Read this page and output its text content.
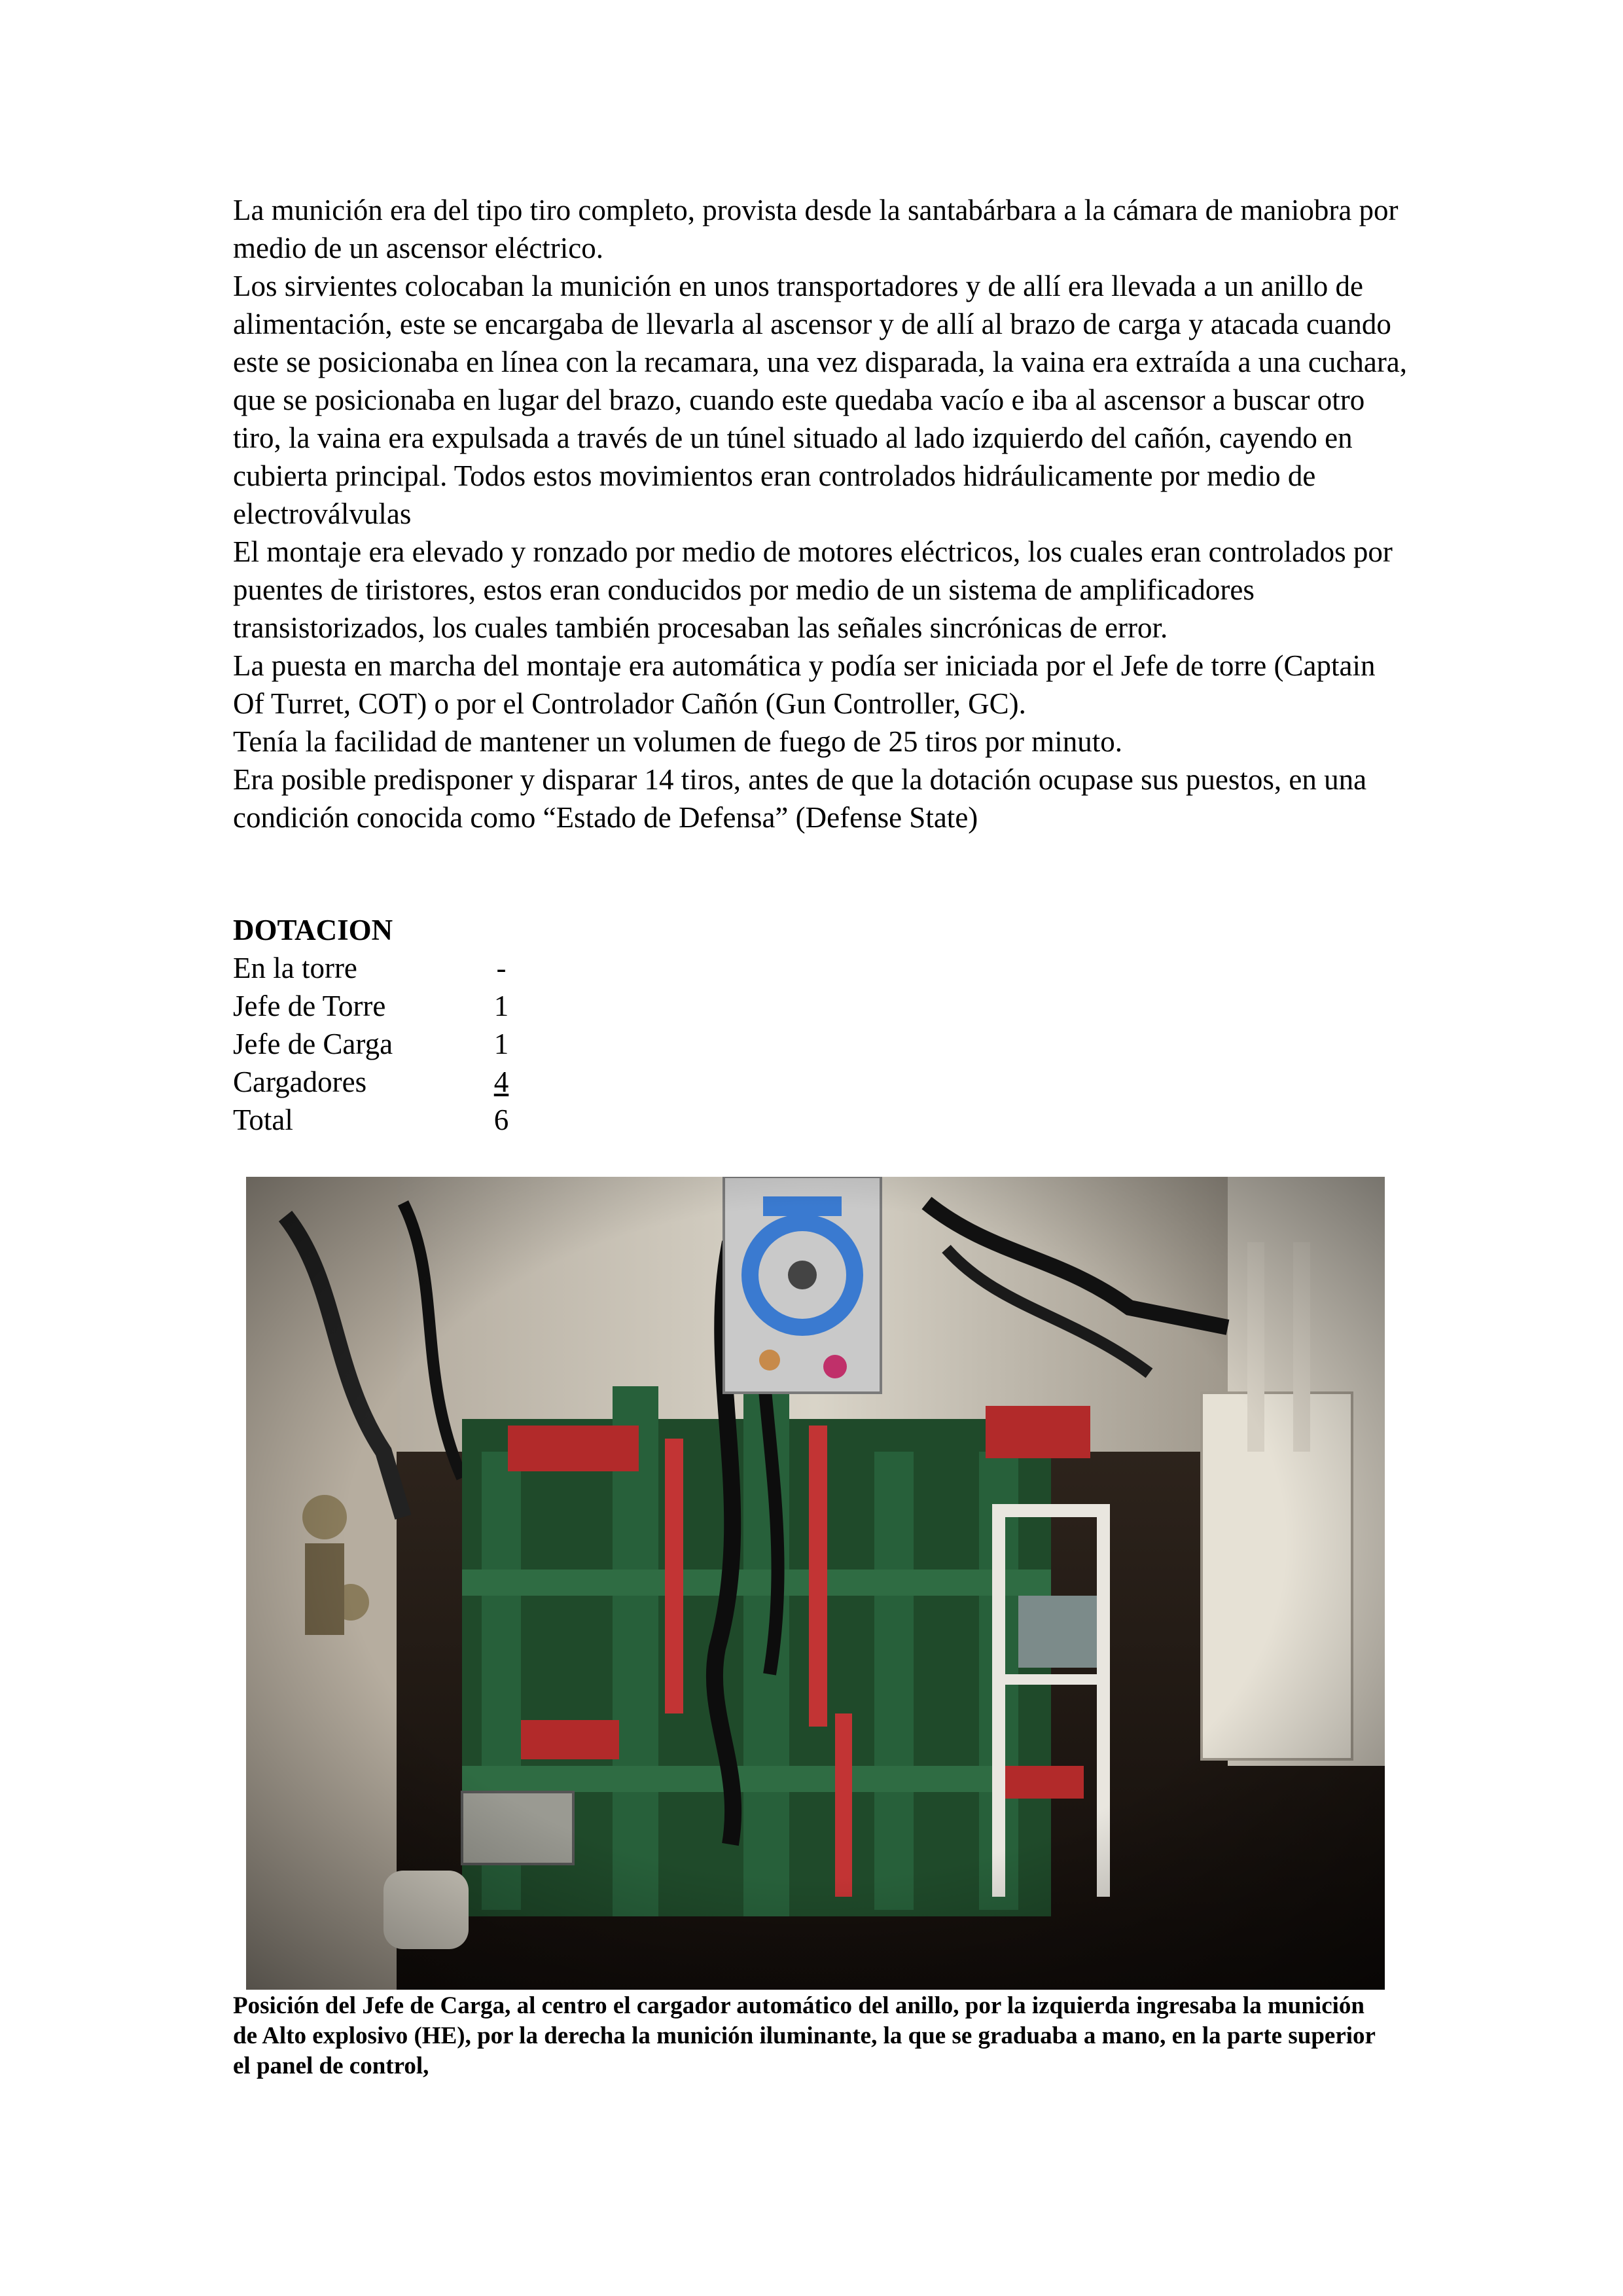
La munición era del tipo tiro completo, provista desde la santabárbara a la cámara de maniobra por medio de un ascensor eléctrico.

Los sirvientes colocaban la munición en unos transportadores y de allí era llevada a un anillo de alimentación, este se encargaba de llevarla al ascensor y de allí al brazo de carga y atacada cuando este se posicionaba en línea con la recamara, una vez disparada, la vaina era extraída a una cuchara, que se posicionaba en lugar del brazo, cuando este quedaba vacío e iba al ascensor a buscar otro tiro, la vaina era expulsada a través de un túnel situado al lado izquierdo del cañón, cayendo en cubierta principal. Todos estos movimientos eran controlados hidráulicamente por medio de electroválvulas

El montaje era elevado y ronzado por medio de motores eléctricos, los cuales eran controlados por puentes de tiristores, estos eran conducidos por medio de un sistema de amplificadores transistorizados, los cuales también procesaban las señales sincrónicas de error.

La puesta en marcha del montaje era automática y podía ser iniciada por el Jefe de torre (Captain Of Turret, COT) o por el Controlador Cañón (Gun Controller, GC).

Tenía la facilidad de mantener un volumen de fuego de 25 tiros por minuto.

Era posible predisponer y disparar 14 tiros, antes de que la dotación ocupase sus puestos, en una condición conocida como “Estado de Defensa” (Defense State)

DOTACION
En la torre	-
Jefe de Torre	1
Jefe de Carga	1
Cargadores	4
Total	6

Posición del Jefe de Carga, al centro el cargador automático del anillo, por la izquierda ingresaba la munición de Alto explosivo (HE), por la derecha la munición iluminante, la que se graduaba a mano, en la parte superior el panel de control,
